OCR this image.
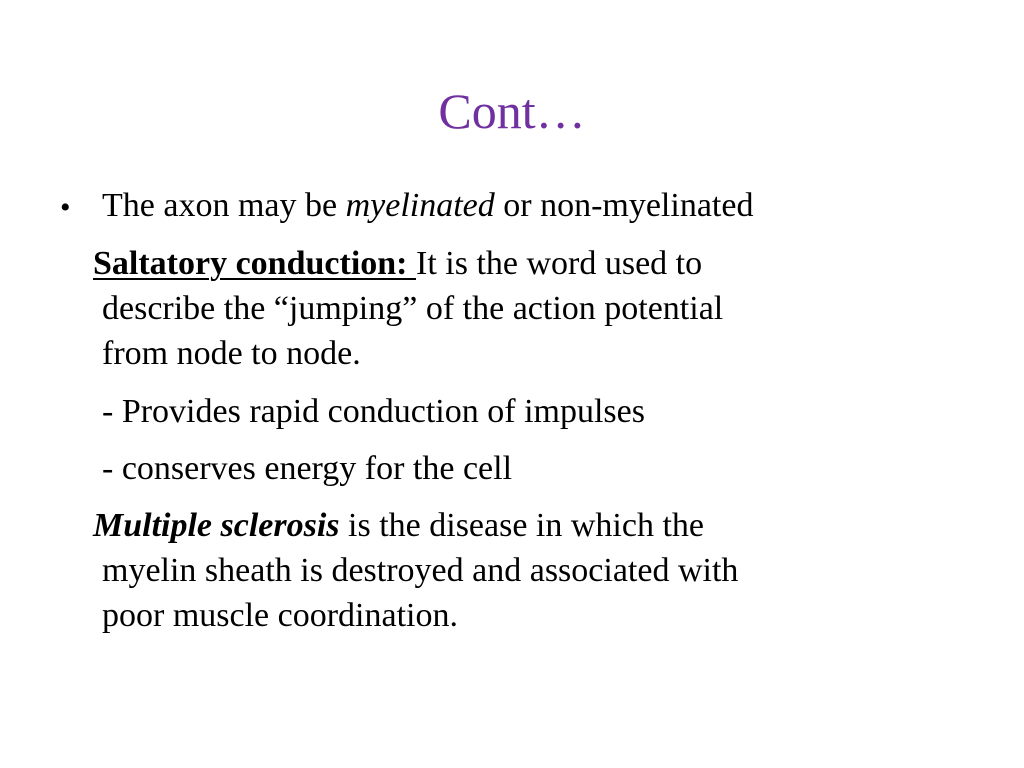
Cont…
• The axon may be myelinated or non-myelinated
Saltatory conduction: It is the word used to
describe the “jumping” of the action potential
from node to node.
- Provides rapid conduction of impulses
- conserves energy for the cell
Multiple sclerosis is the disease in which the
myelin sheath is destroyed and associated with
poor muscle coordination.
